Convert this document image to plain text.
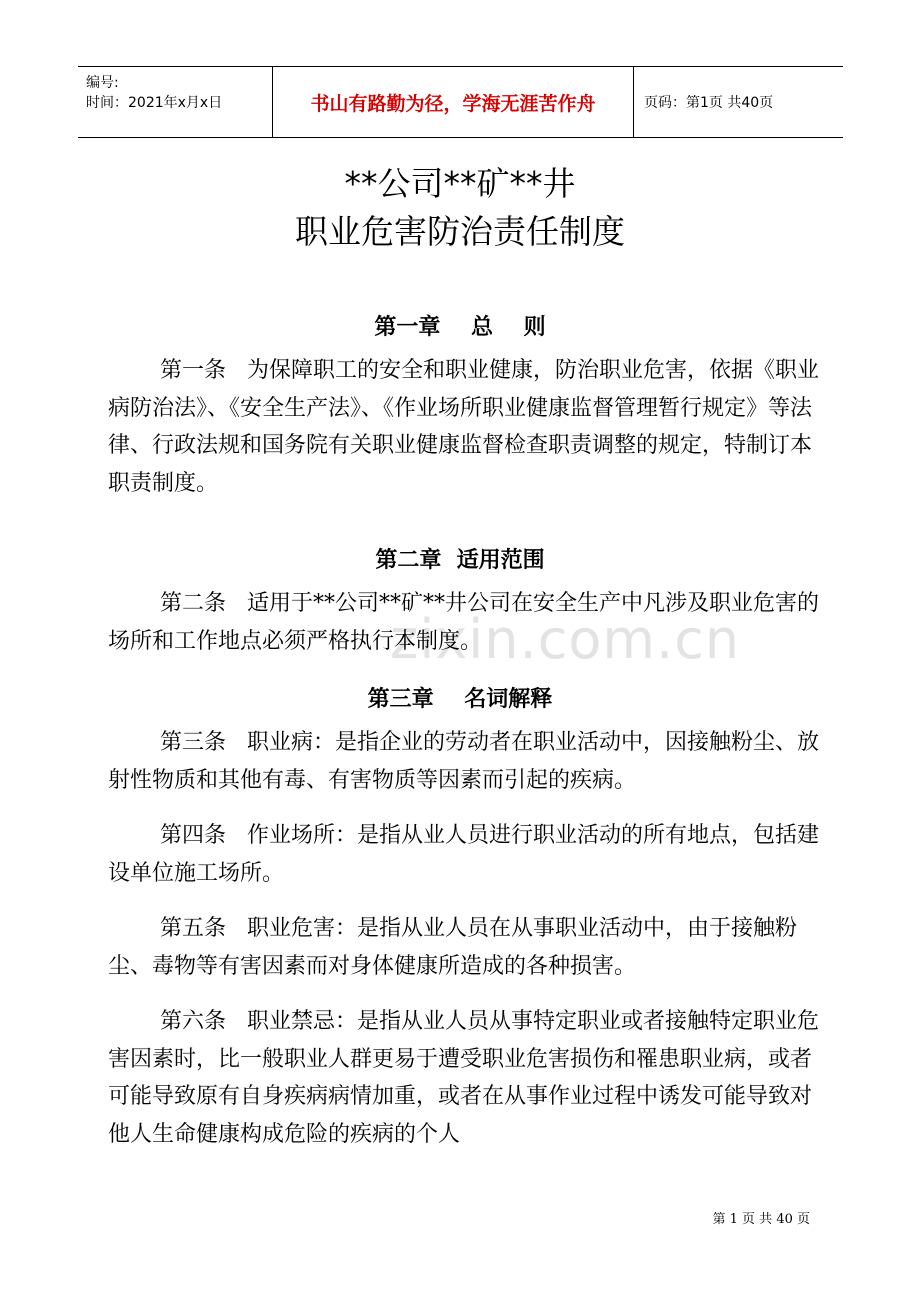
编号:
时间：2021年x月x日	书山有路勤为径，学海无涯苦作舟	页码：第1页 共40页
**公司**矿**井
职业危害防治责任制度
第一章    总    则
第一条   为保障职工的安全和职业健康，防治职业危害，依据《职业病防治法》、《安全生产法》、《作业场所职业健康监督管理暂行规定》等法律、行政法规和国务院有关职业健康监督检查职责调整的规定，特制订本职责制度。
第二章  适用范围
第二条   适用于**公司**矿**井公司在安全生产中凡涉及职业危害的场所和工作地点必须严格执行本制度。
第三章    名词解释
第三条   职业病：是指企业的劳动者在职业活动中，因接触粉尘、放射性物质和其他有毒、有害物质等因素而引起的疾病。
第四条   作业场所：是指从业人员进行职业活动的所有地点，包括建设单位施工场所。
第五条   职业危害：是指从业人员在从事职业活动中，由于接触粉尘、毒物等有害因素而对身体健康所造成的各种损害。
第六条   职业禁忌：是指从业人员从事特定职业或者接触特定职业危害因素时，比一般职业人群更易于遭受职业危害损伤和罹患职业病，或者可能导致原有自身疾病病情加重，或者在从事作业过程中诱发可能导致对他人生命健康构成危险的疾病的个人
zixin.com.cn
第 1 页 共 40 页
